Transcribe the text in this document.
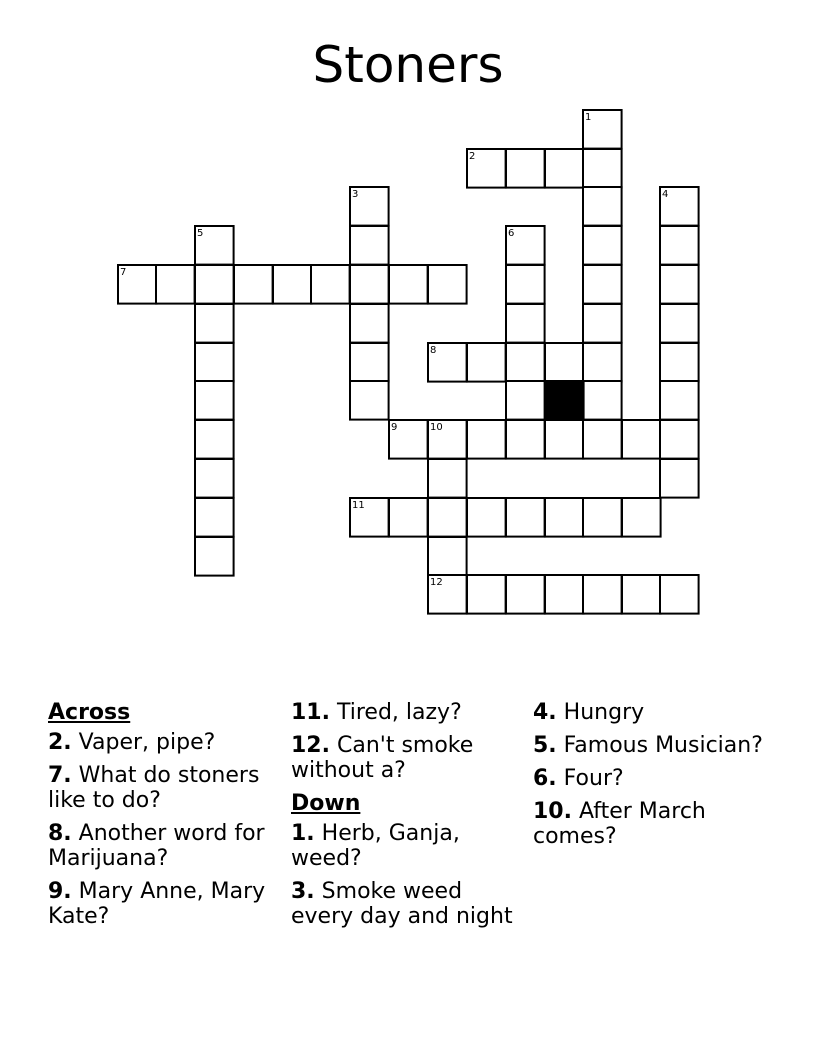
Stoners
1
2
3	4
5	6
7
8
9	10
11
12
Across
2. Vaper, pipe?
7. What do stoners like to do?
8. Another word for Marijuana?
9. Mary Anne, Mary Kate?
11. Tired, lazy?
12. Can't smoke without a?
Down
1. Herb, Ganja, weed?
3. Smoke weed every day and night
4. Hungry
5. Famous Musician?
6. Four?
10. After March comes?
